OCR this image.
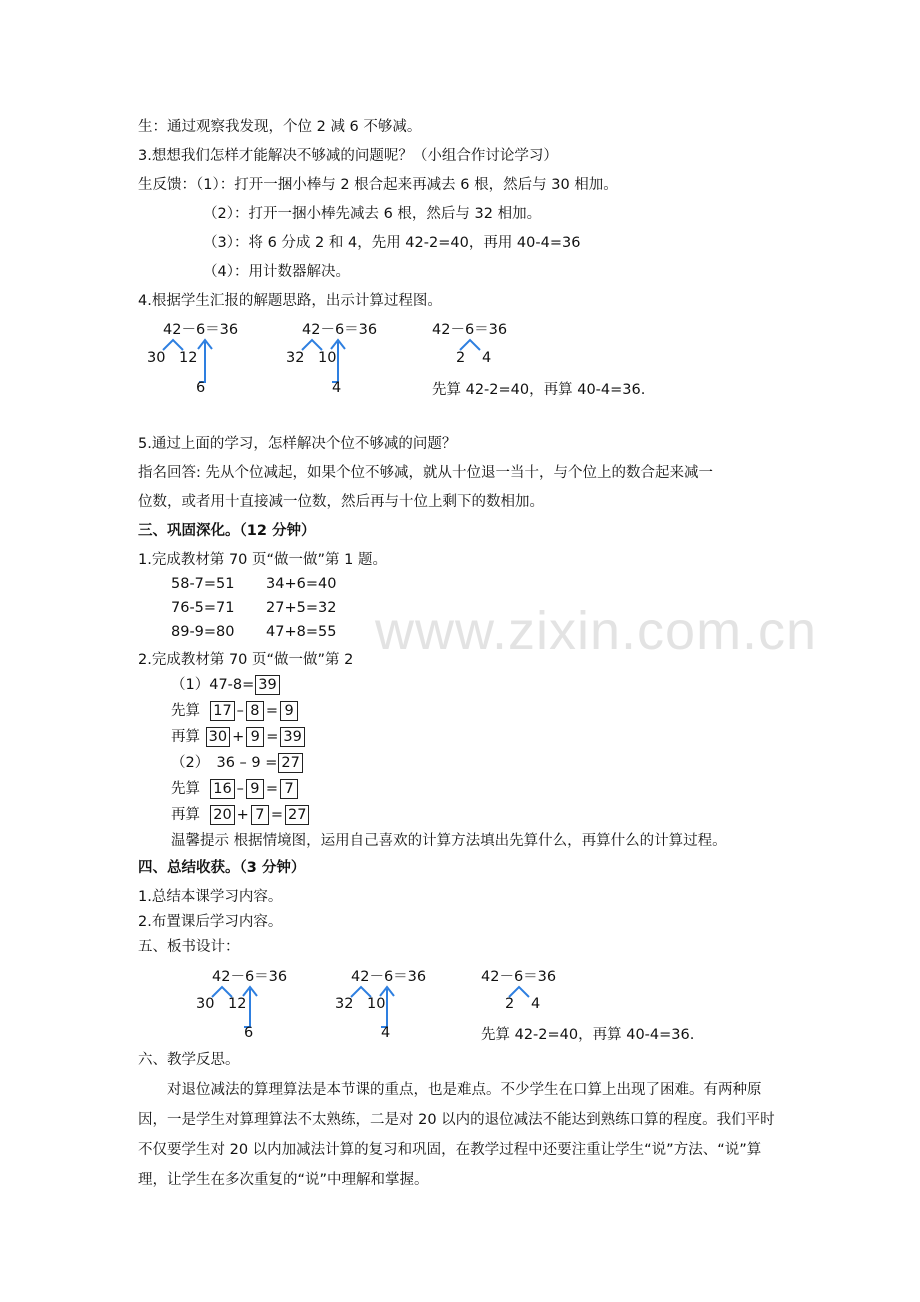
www.zixin.com.cn
生：通过观察我发现，个位 2 减 6 不够减。
3.想想我们怎样才能解决不够减的问题呢？（小组合作讨论学习）
生反馈：（1）：打开一捆小棒与 2 根合起来再减去 6 根，然后与 30 相加。
（2）：打开一捆小棒先减去 6 根，然后与 32 相加。
（3）：将 6 分成 2 和 4，先用 42-2=40，再用 40-4=36
（4）：用计数器解决。
4.根据学生汇报的解题思路，出示计算过程图。
42－6＝36
30 12
6
42－6＝36
32 10
4
42－6＝36
2 4
先算 42-2=40，再算 40-4=36.
5.通过上面的学习，怎样解决个位不够减的问题？
指名回答: 先从个位减起，如果个位不够减，就从十位退一当十，与个位上的数合起来减一
位数，或者用十直接减一位数，然后再与十位上剩下的数相加。
三、巩固深化。（12 分钟）
1.完成教材第 70 页“做一做”第 1 题。
58-7=51 34+6=40
76-5=71 27+5=32
89-9=80 47+8=55
2.完成教材第 70 页“做一做”第 2
（1）47-8= 39
先算 17 – 8 = 9
再算 30 + 9 = 39
（2）　36 – 9 = 27
先算 16 – 9 = 7
再算 20 + 7 = 27
温馨提示 根据情境图，运用自己喜欢的计算方法填出先算什么，再算什么的计算过程。
四、总结收获。（3 分钟）
1.总结本课学习内容。
2.布置课后学习内容。
五、板书设计：
42－6＝36
30 12
6
42－6＝36
32 10
4
42－6＝36
2 4
先算 42-2=40，再算 40-4=36.
六、教学反思。
对退位减法的算理算法是本节课的重点，也是难点。不少学生在口算上出现了困难。有两种原因，一是学生对算理算法不太熟练，二是对 20 以内的退位减法不能达到熟练口算的程度。我们平时不仅要学生对 20 以内加减法计算的复习和巩固，在教学过程中还要注重让学生“说”方法、“说”算理，让学生在多次重复的“说”中理解和掌握。
